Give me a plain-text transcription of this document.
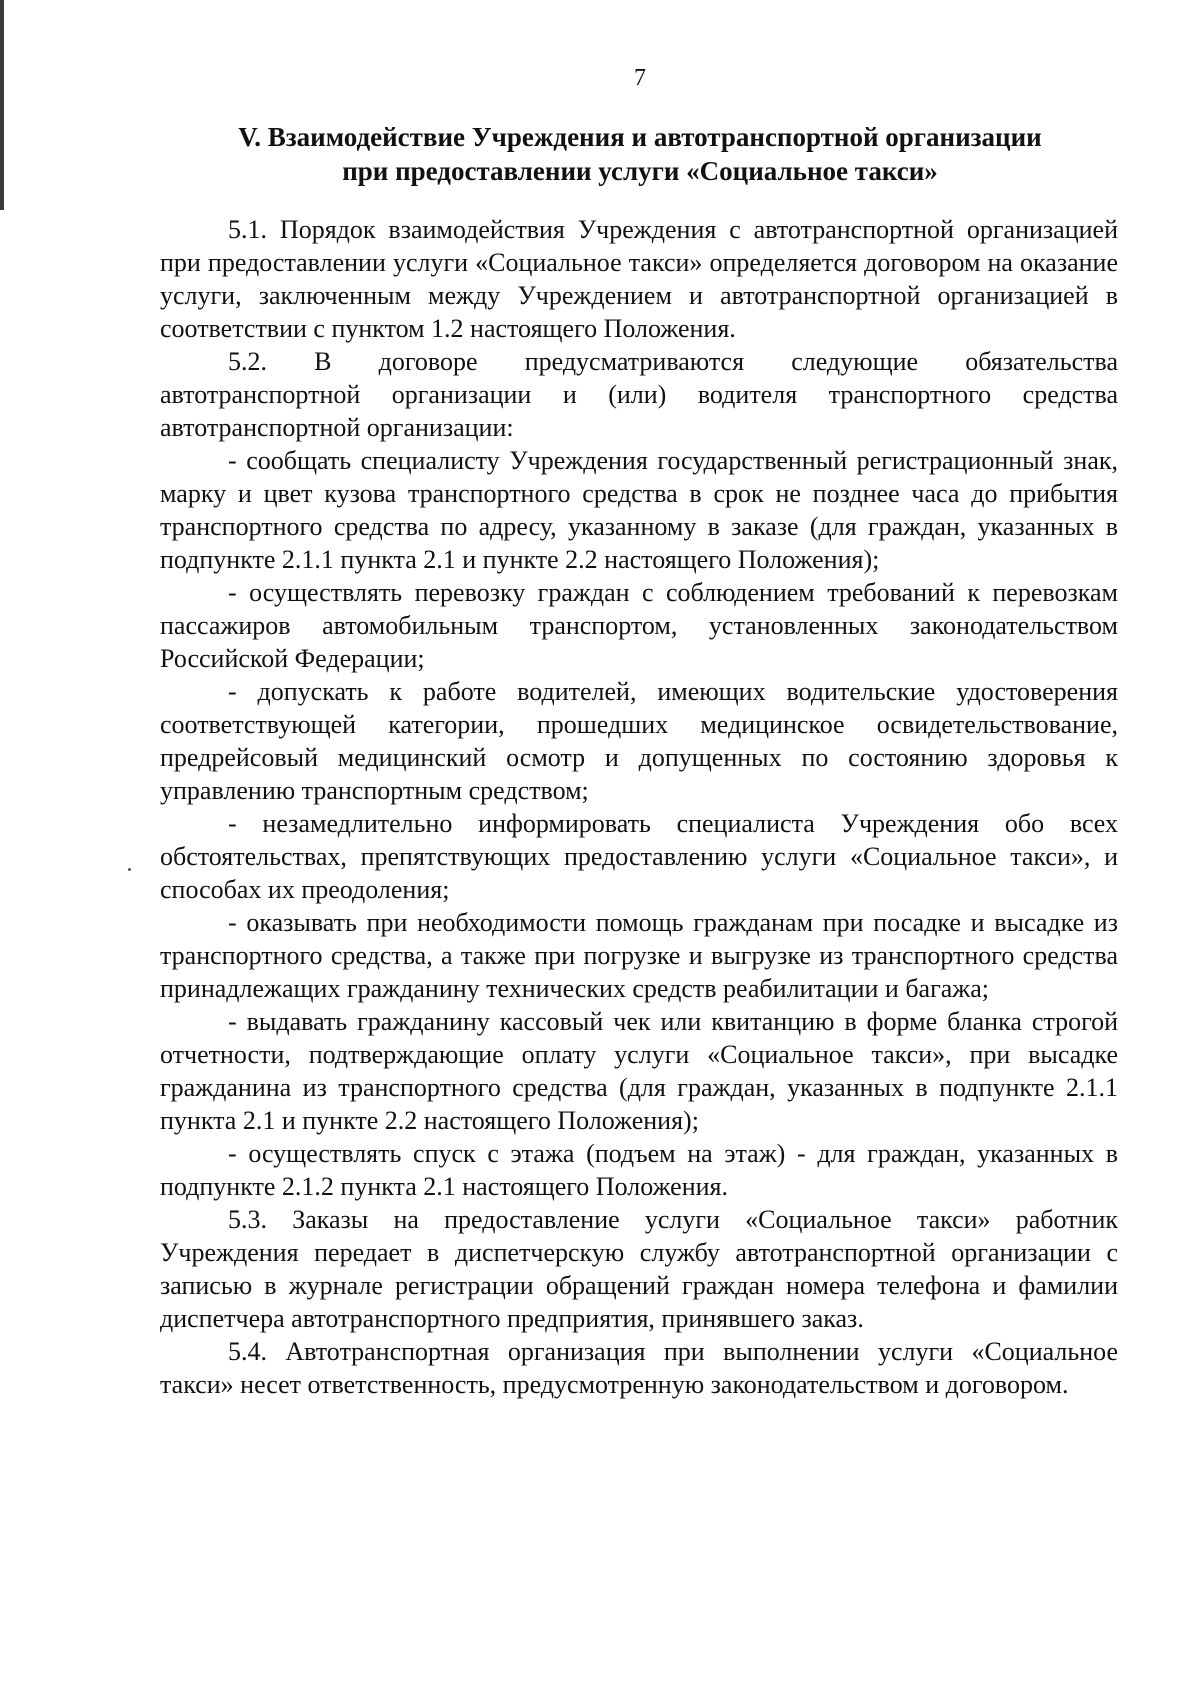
7
V. Взаимодействие Учреждения и автотранспортной организации
при предоставлении услуги «Социальное такси»

5.1. Порядок взаимодействия Учреждения с автотранспортной организацией при предоставлении услуги «Социальное такси» определяется договором на оказание услуги, заключенным между Учреждением и автотранспортной организацией в соответствии с пунктом 1.2 настоящего Положения.

5.2. В договоре предусматриваются следующие обязательства автотранспортной организации и (или) водителя транспортного средства автотранспортной организации:

- сообщать специалисту Учреждения государственный регистрационный знак, марку и цвет кузова транспортного средства в срок не позднее часа до прибытия транспортного средства по адресу, указанному в заказе (для граждан, указанных в подпункте 2.1.1 пункта 2.1 и пункте 2.2 настоящего Положения);

- осуществлять перевозку граждан с соблюдением требований к перевозкам пассажиров автомобильным транспортом, установленных законодательством Российской Федерации;

- допускать к работе водителей, имеющих водительские удостоверения соответствующей категории, прошедших медицинское освидетельствование, предрейсовый медицинский осмотр и допущенных по состоянию здоровья к управлению транспортным средством;

- незамедлительно информировать специалиста Учреждения обо всех обстоятельствах, препятствующих предоставлению услуги «Социальное такси», и способах их преодоления;

- оказывать при необходимости помощь гражданам при посадке и высадке из транспортного средства, а также при погрузке и выгрузке из транспортного средства принадлежащих гражданину технических средств реабилитации и багажа;

- выдавать гражданину кассовый чек или квитанцию в форме бланка строгой отчетности, подтверждающие оплату услуги «Социальное такси», при высадке гражданина из транспортного средства (для граждан, указанных в подпункте 2.1.1 пункта 2.1 и пункте 2.2 настоящего Положения);

- осуществлять спуск с этажа (подъем на этаж) - для граждан, указанных в подпункте 2.1.2 пункта 2.1 настоящего Положения.

5.3. Заказы на предоставление услуги «Социальное такси» работник Учреждения передает в диспетчерскую службу автотранспортной организации с записью в журнале регистрации обращений граждан номера телефона и фамилии диспетчера автотранспортного предприятия, принявшего заказ.

5.4. Автотранспортная организация при выполнении услуги «Социальное такси» несет ответственность, предусмотренную законодательством и договором.
